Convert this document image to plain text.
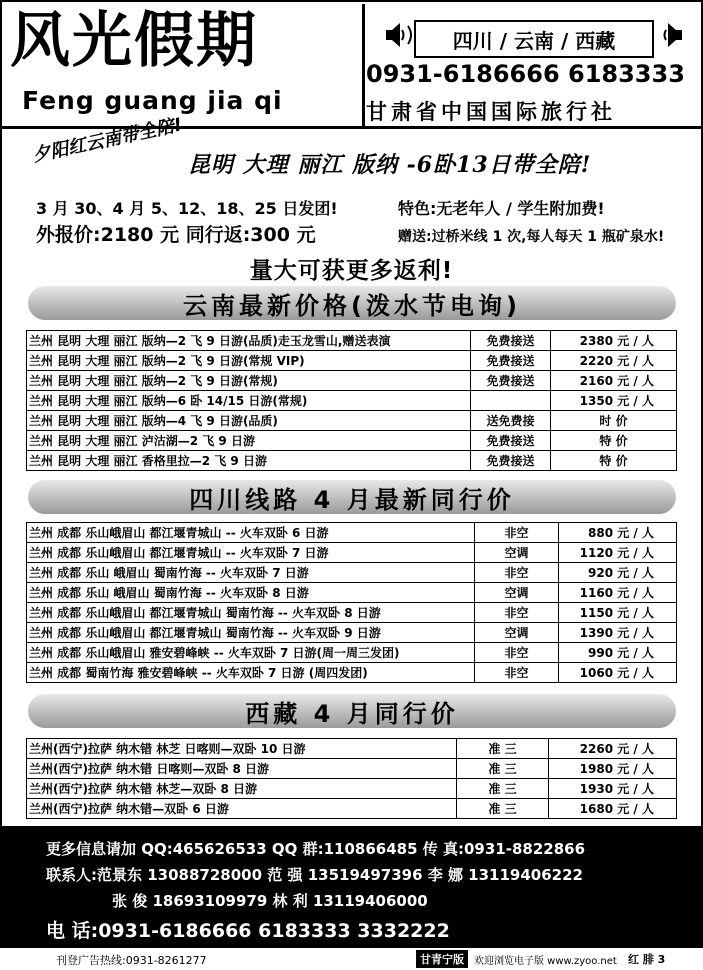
风光假期
Feng guang jia qi
四川 / 云南 / 西藏
0931-6186666 6183333
甘肃省中国国际旅行社
夕阳红云南带全陪! 昆明 大理 丽江 版纳 -6卧13日带全陪!
3 月 30、4 月 5、12、18、25 日发团!	特色:无老年人 / 学生附加费!
外报价:2180 元 同行返:300 元	赠送:过桥米线 1 次,每人每天 1 瓶矿泉水!
量大可获更多返利!
云南最新价格(泼水节电询)
兰州 昆明 大理 丽江 版纳—2 飞 9 日游(品质)走玉龙雪山,赠送表演	免费接送	2380 元 / 人
兰州 昆明 大理 丽江 版纳—2 飞 9 日游(常规 VIP)	免费接送	2220 元 / 人
兰州 昆明 大理 丽江 版纳—2 飞 9 日游(常规)	免费接送	2160 元 / 人
兰州 昆明 大理 丽江 版纳—6 卧 14/15 日游(常规)		1350 元 / 人
兰州 昆明 大理 丽江 版纳—4 飞 9 日游(品质)	送免费接	时 价
兰州 昆明 大理 丽江 泸沽湖—2 飞 9 日游	免费接送	特 价
兰州 昆明 大理 丽江 香格里拉—2 飞 9 日游	免费接送	特 价
四川线路 4 月最新同行价
兰州 成都 乐山峨眉山 都江堰青城山 -- 火车双卧 6 日游	非空	880 元 / 人
兰州 成都 乐山峨眉山 都江堰青城山 -- 火车双卧 7 日游	空调	1120 元 / 人
兰州 成都 乐山 峨眉山 蜀南竹海 -- 火车双卧 7 日游	非空	920 元 / 人
兰州 成都 乐山 峨眉山 蜀南竹海 -- 火车双卧 8 日游	空调	1160 元 / 人
兰州 成都 乐山峨眉山 都江堰青城山 蜀南竹海 -- 火车双卧 8 日游	非空	1150 元 / 人
兰州 成都 乐山峨眉山 都江堰青城山 蜀南竹海 -- 火车双卧 9 日游	空调	1390 元 / 人
兰州 成都 乐山峨眉山 雅安碧峰峡 -- 火车双卧 7 日游(周一周三发团)	非空	990 元 / 人
兰州 成都 蜀南竹海 雅安碧峰峡 -- 火车双卧 7 日游 (周四发团)	非空	1060 元 / 人
西藏 4 月同行价
兰州(西宁)拉萨 纳木错 林芝 日喀则—双卧 10 日游	准 三	2260 元 / 人
兰州(西宁)拉萨 纳木错 日喀则—双卧 8 日游	准 三	1980 元 / 人
兰州(西宁)拉萨 纳木错 林芝—双卧 8 日游	准 三	1930 元 / 人
兰州(西宁)拉萨 纳木错—双卧 6 日游	准 三	1680 元 / 人
更多信息请加 QQ:465626533 QQ 群:110866485 传 真:0931-8822866
联系人:范景东 13088728000 范 强 13519497396 李 娜 13119406222
张 俊 18693109979 林 利 13119406000
电 话:0931-6186666 6183333 3332222
刊登广告热线:0931-8261277	甘青宁版	欢迎浏览电子版 www.zyoo.net 红 腓 3
